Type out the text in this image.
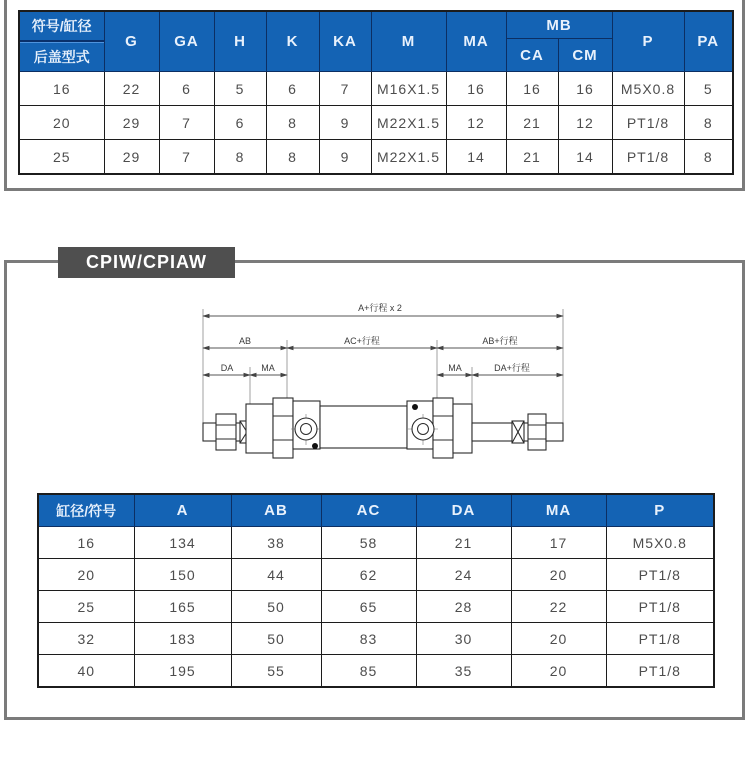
符号/缸径
后盖型式	G	GA	H	K	KA	M	MA	MB		P	PA
								CA	CM		
16	22	6	5	6	7	M16X1.5	16	16	16	M5X0.8	5
20	29	7	6	8	9	M22X1.5	12	21	12	PT1/8	8
25	29	7	8	8	9	M22X1.5	14	21	14	PT1/8	8
CPIW/CPIAW
A+行程 x 2
AB	AC+行程	AB+行程
DA	MA	MA	DA+行程
缸径/符号	A	AB	AC	DA	MA	P
16	134	38	58	21	17	M5X0.8
20	150	44	62	24	20	PT1/8
25	165	50	65	28	22	PT1/8
32	183	50	83	30	20	PT1/8
40	195	55	85	35	20	PT1/8
